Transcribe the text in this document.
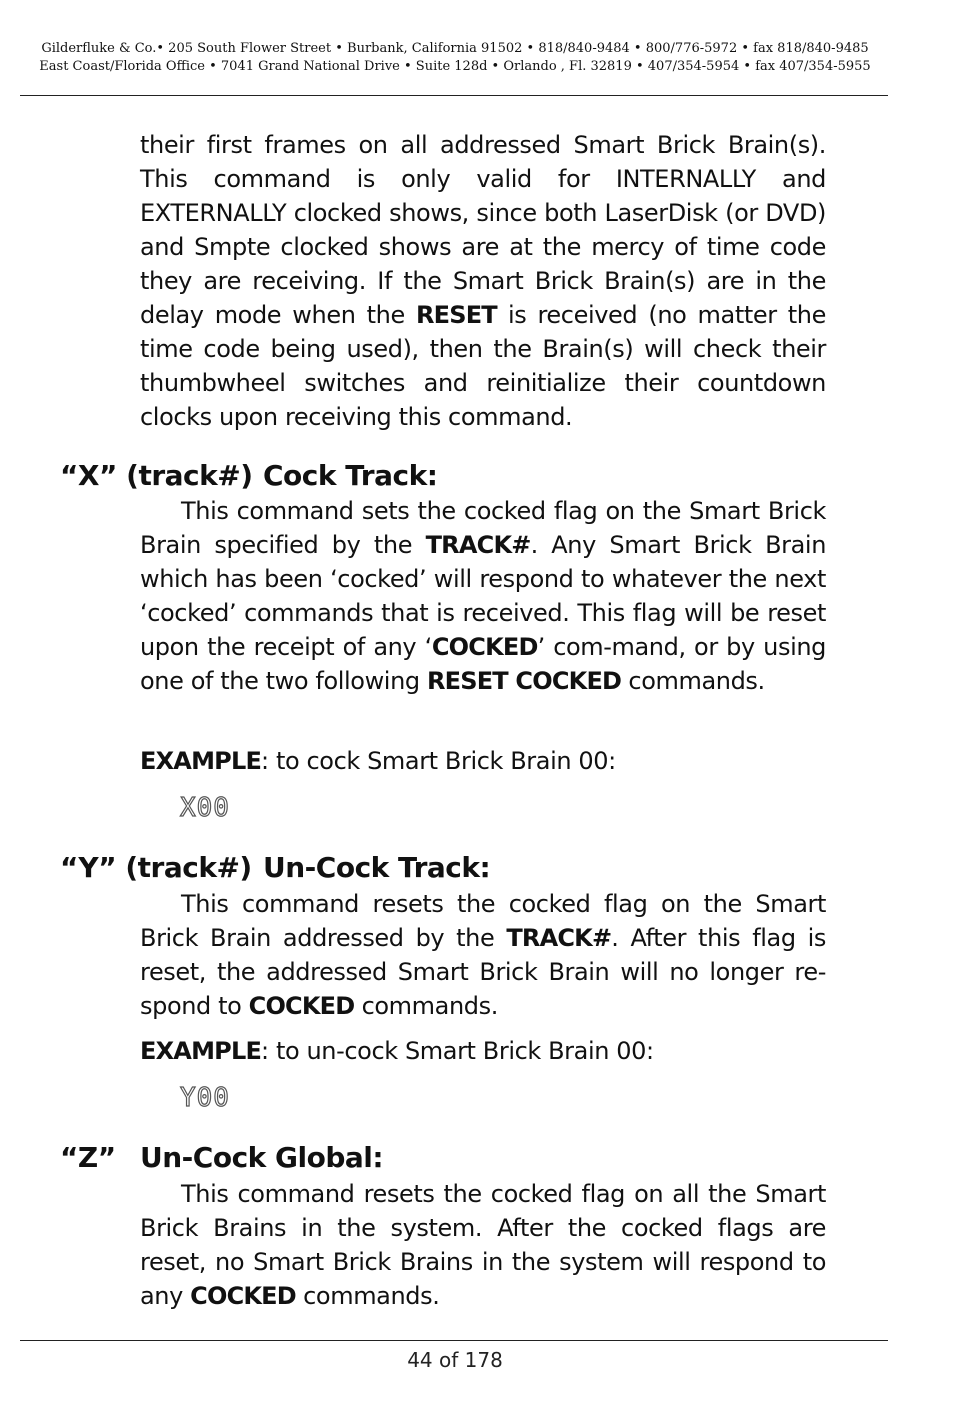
Gilderfluke & Co.• 205 South Flower Street • Burbank, California 91502 • 818/840-9484 • 800/776-5972 • fax 818/840-9485
East Coast/Florida Office • 7041 Grand National Drive • Suite 128d • Orlando , Fl. 32819 • 407/354-5954 • fax 407/354-5955

their first frames on all addressed Smart Brick Brain(s). This command is only valid for INTERNALLY and EXTERNALLY clocked shows, since both LaserDisk (or DVD) and Smpte clocked shows are at the mercy of time code they are receiving. If the Smart Brick Brain(s) are in the delay mode when the RESET is received (no matter the time code being used), then the Brain(s) will check their thumbwheel switches and reinitialize their countdown clocks upon receiving this command.

“X” (track#) Cock Track:

This command sets the cocked flag on the Smart Brick Brain specified by the TRACK#. Any Smart Brick Brain which has been ‘cocked’ will respond to whatever the next ‘cocked’ commands that is received. This flag will be reset upon the receipt of any ‘COCKED’ com-mand, or by using one of the two following RESET COCKED commands.

EXAMPLE: to cock Smart Brick Brain 00:
X00
“Y” (track#) Un-Cock Track:

This command resets the cocked flag on the Smart Brick Brain addressed by the TRACK#. After this flag is reset, the addressed Smart Brick Brain will no longer re-spond to COCKED commands.

EXAMPLE: to un-cock Smart Brick Brain 00:
Y00
“Z” Un-Cock Global:

This command resets the cocked flag on all the Smart Brick Brains in the system. After the cocked flags are reset, no Smart Brick Brains in the system will respond to any COCKED commands.

44 of 178
